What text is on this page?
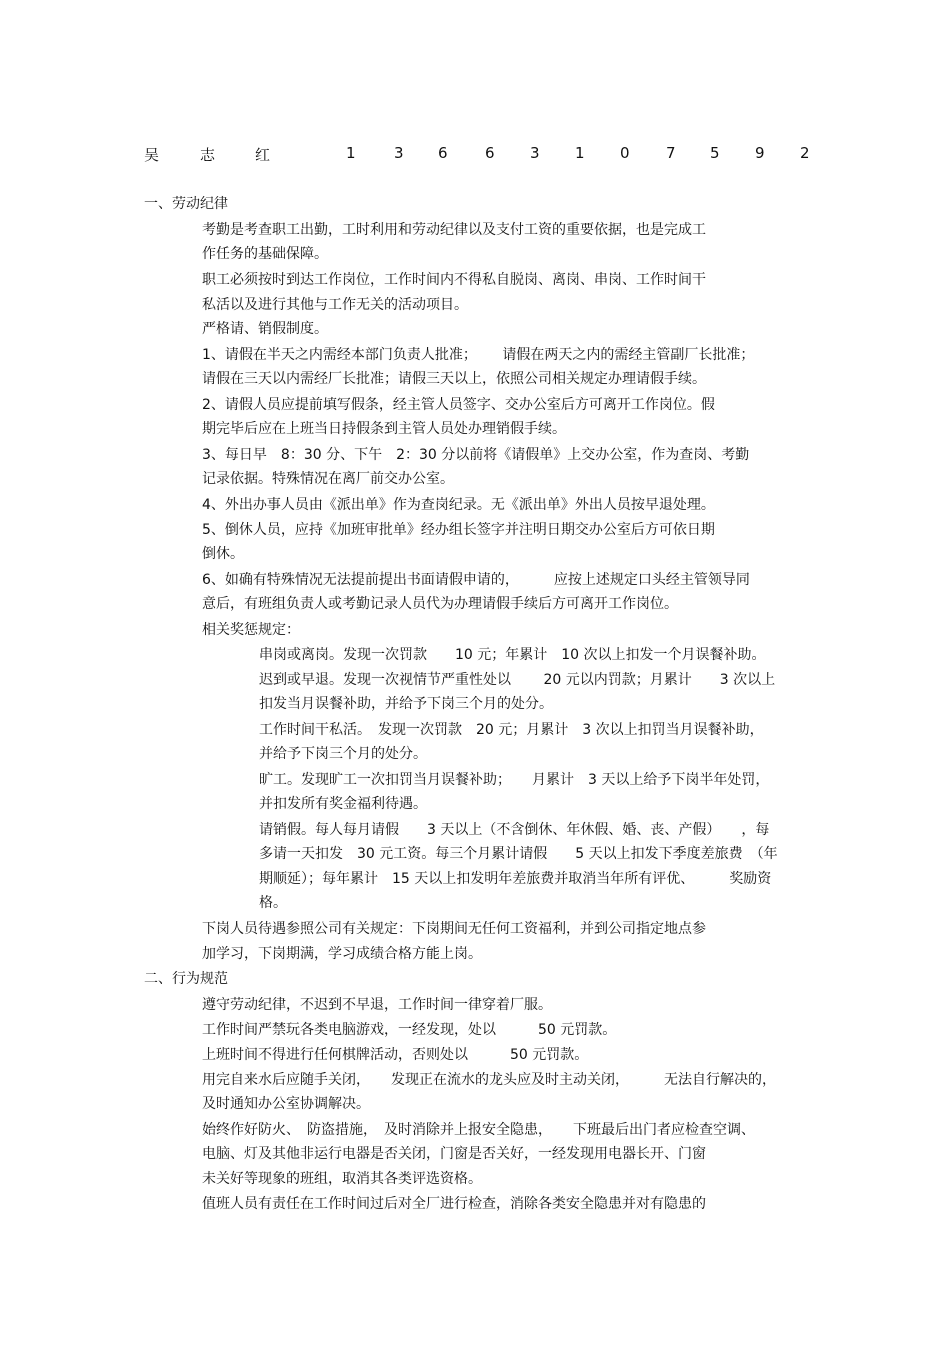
吴	志	红	1	3 6 6 3 1 0 7 5 9 2
一、劳动纪律
考勤是考查职工出勤，工时利用和劳动纪律以及支付工资的重要依据，也是完成工
作任务的基础保障。
职工必须按时到达工作岗位，工作时间内不得私自脱岗、离岗、串岗、工作时间干
私活以及进行其他与工作无关的活动项目。
严格请、销假制度。
1、请假在半天之内需经本部门负责人批准；　　 请假在两天之内的需经主管副厂长批准；
请假在三天以内需经厂长批准；请假三天以上，依照公司相关规定办理请假手续。
2、请假人员应提前填写假条，经主管人员签字、交办公室后方可离开工作岗位。假
期完毕后应在上班当日持假条到主管人员处办理销假手续。
3、每日早　8：30 分、下午　2：30 分以前将《请假单》上交办公室，作为查岗、考勤
记录依据。特殊情况在离厂前交办公室。
4、外出办事人员由《派出单》作为查岗纪录。无《派出单》外出人员按早退处理。
5、倒休人员，应持《加班审批单》经办组长签字并注明日期交办公室后方可依日期
倒休。
6、如确有特殊情况无法提前提出书面请假申请的，　　　应按上述规定口头经主管领导同
意后，有班组负责人或考勤记录人员代为办理请假手续后方可离开工作岗位。
相关奖惩规定：
串岗或离岗。发现一次罚款　　10 元；年累计　10 次以上扣发一个月误餐补助。
迟到或早退。发现一次视情节严重性处以　　 20 元以内罚款；月累计　　3 次以上
扣发当月误餐补助，并给予下岗三个月的处分。
工作时间干私活。　发现一次罚款　20 元；月累计　3 次以上扣罚当月误餐补助，
并给予下岗三个月的处分。
旷工。发现旷工一次扣罚当月误餐补助；　　月累计　3 天以上给予下岗半年处罚，
并扣发所有奖金福利待遇。
请销假。每人每月请假　　3 天以上（不含倒休、年休假、婚、丧、产假）　　，每
多请一天扣发　30 元工资。每三个月累计请假　　5 天以上扣发下季度差旅费　（年
期顺延）；每年累计　15 天以上扣发明年差旅费并取消当年所有评优、　　　奖励资
格。
下岗人员待遇参照公司有关规定：下岗期间无任何工资福利，并到公司指定地点参
加学习，下岗期满，学习成绩合格方能上岗。
二、行为规范
遵守劳动纪律，不迟到不早退，工作时间一律穿着厂服。
工作时间严禁玩各类电脑游戏，一经发现，处以　　　50 元罚款。
上班时间不得进行任何棋牌活动，否则处以　　　50 元罚款。
用完自来水后应随手关闭，　　发现正在流水的龙头应及时主动关闭，　　　无法自行解决的，
及时通知办公室协调解决。
始终作好防火、　防盗措施，　及时消除并上报安全隐患，　　下班最后出门者应检查空调、
电脑、灯及其他非运行电器是否关闭，门窗是否关好，一经发现用电器长开、门窗
未关好等现象的班组，取消其各类评选资格。
值班人员有责任在工作时间过后对全厂进行检查，消除各类安全隐患并对有隐患的
